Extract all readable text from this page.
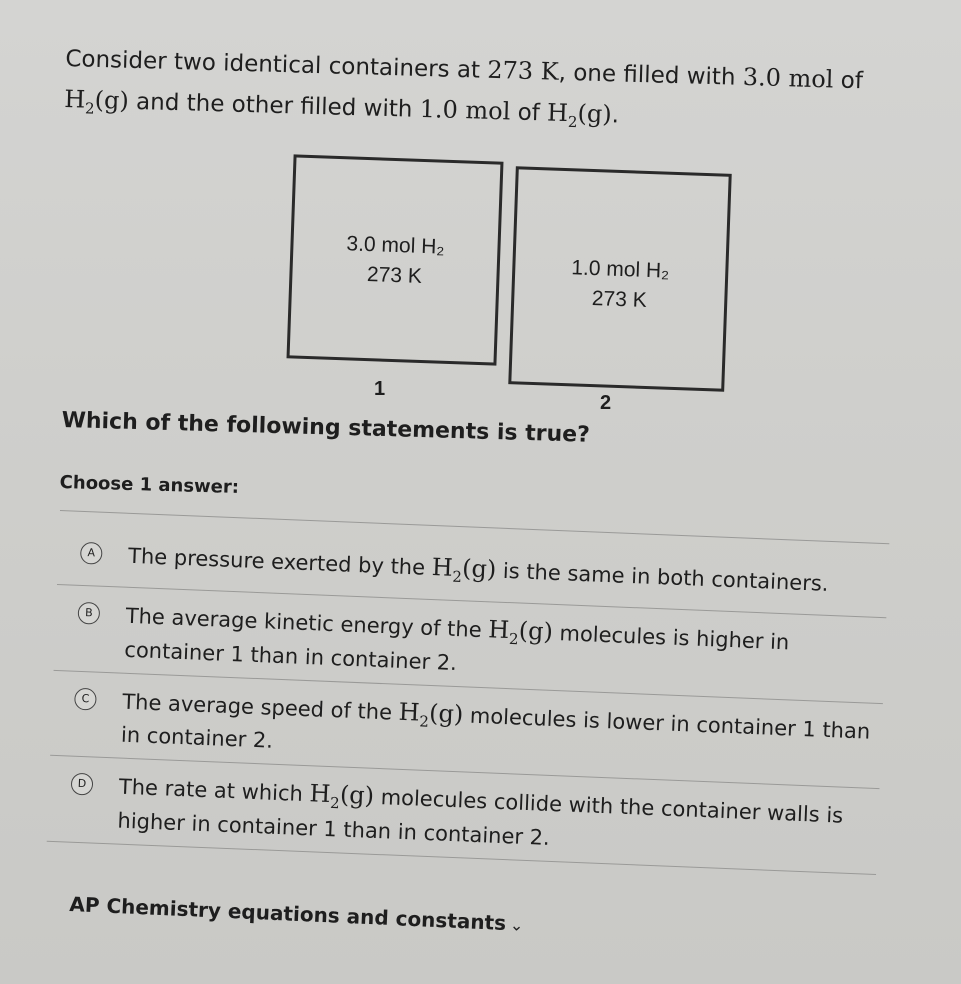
Consider two identical containers at 273 K, one filled with 3.0 mol of
$H_2(g)$ and the other filled with 1.0 mol of $H_2(g)$.
3.0 mol H₂
273 K
1
1.0 mol H₂
273 K
2
Which of the following statements is true?
Choose 1 answer:
A	The pressure exerted by the $H_2(g)$ is the same in both containers.
B	The average kinetic energy of the $H_2(g)$ molecules is higher in container 1 than in container 2.
C	The average speed of the $H_2(g)$ molecules is lower in container 1 than in container 2.
D	The rate at which $H_2(g)$ molecules collide with the container walls is higher in container 1 than in container 2.
AP Chemistry equations and constants ⌄
